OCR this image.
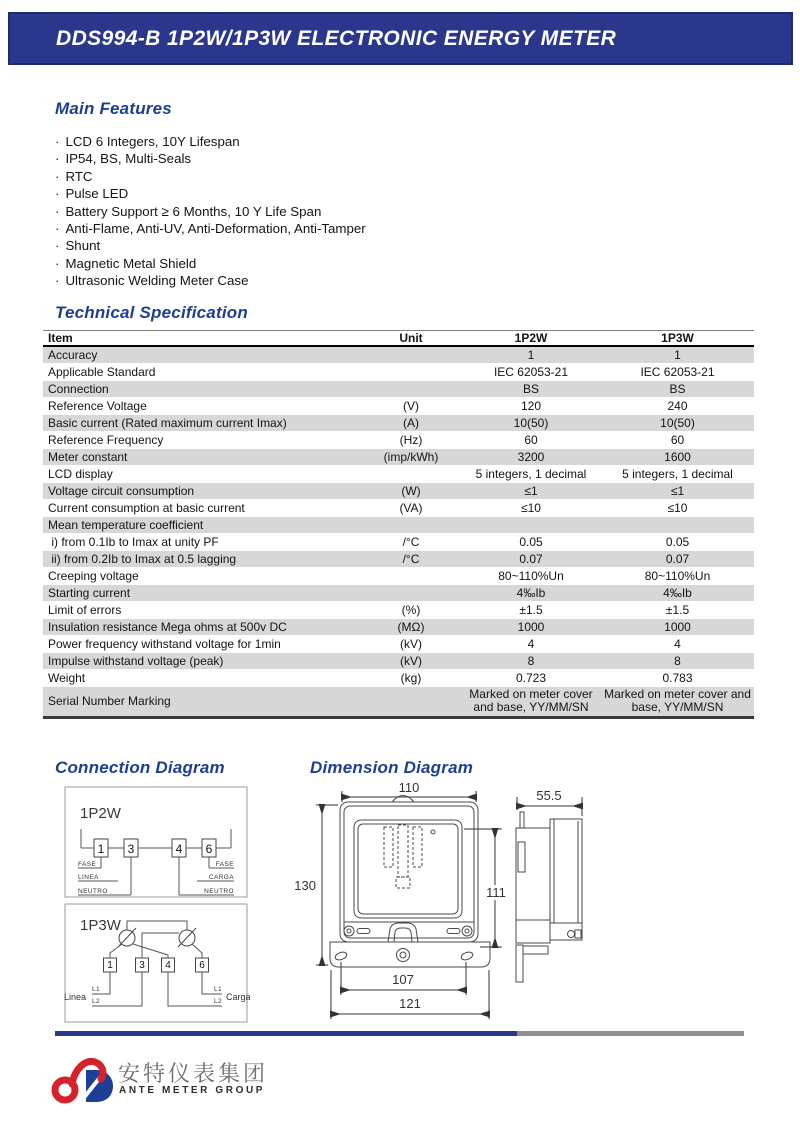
DDS994-B 1P2W/1P3W ELECTRONIC ENERGY METER
Main Features
· LCD 6 Integers, 10Y Lifespan
· IP54, BS, Multi-Seals
· RTC
· Pulse LED
· Battery Support ≥ 6 Months, 10 Y Life Span
· Anti-Flame, Anti-UV, Anti-Deformation, Anti-Tamper
· Shunt
· Magnetic Metal Shield
· Ultrasonic Welding Meter Case
Technical Specification
Item	Unit	1P2W	1P3W
Accuracy		1	1
Applicable Standard		IEC 62053-21	IEC 62053-21
Connection		BS	BS
Reference Voltage	(V)	120	240
Basic current (Rated maximum current Imax)	(A)	10(50)	10(50)
Reference Frequency	(Hz)	60	60
Meter constant	(imp/kWh)	3200	1600
LCD display		5 integers, 1 decimal	5 integers, 1 decimal
Voltage circuit consumption	(W)	≤1	≤1
Current consumption at basic current	(VA)	≤10	≤10
Mean temperature coefficient			
i) from 0.1Ib to Imax at unity PF	/°C	0.05	0.05
ii) from 0.2Ib to Imax at 0.5 lagging	/°C	0.07	0.07
Creeping voltage		80~110%Un	80~110%Un
Starting current		4‰Ib	4‰Ib
Limit of errors	(%)	±1.5	±1.5
Insulation resistance Mega ohms at 500v DC	(MΩ)	1000	1000
Power frequency withstand voltage for 1min	(kV)	4	4
Impulse withstand voltage (peak)	(kV)	8	8
Weight	(kg)	0.723	0.783
Serial Number Marking		Marked on meter cover and base, YY/MM/SN	Marked on meter cover and base, YY/MM/SN
Connection Diagram	Dimension Diagram
1P2W
1 3	4 6
FASE
LINEA
NEUTRO
FASE
CARGA
NEUTRO
1P3W
1	3 4	6
L1
L2
Linea
L1
L2 Carga
110
130	111
107
121
55.5
安特仪表集团
ANTE METER GROUP
